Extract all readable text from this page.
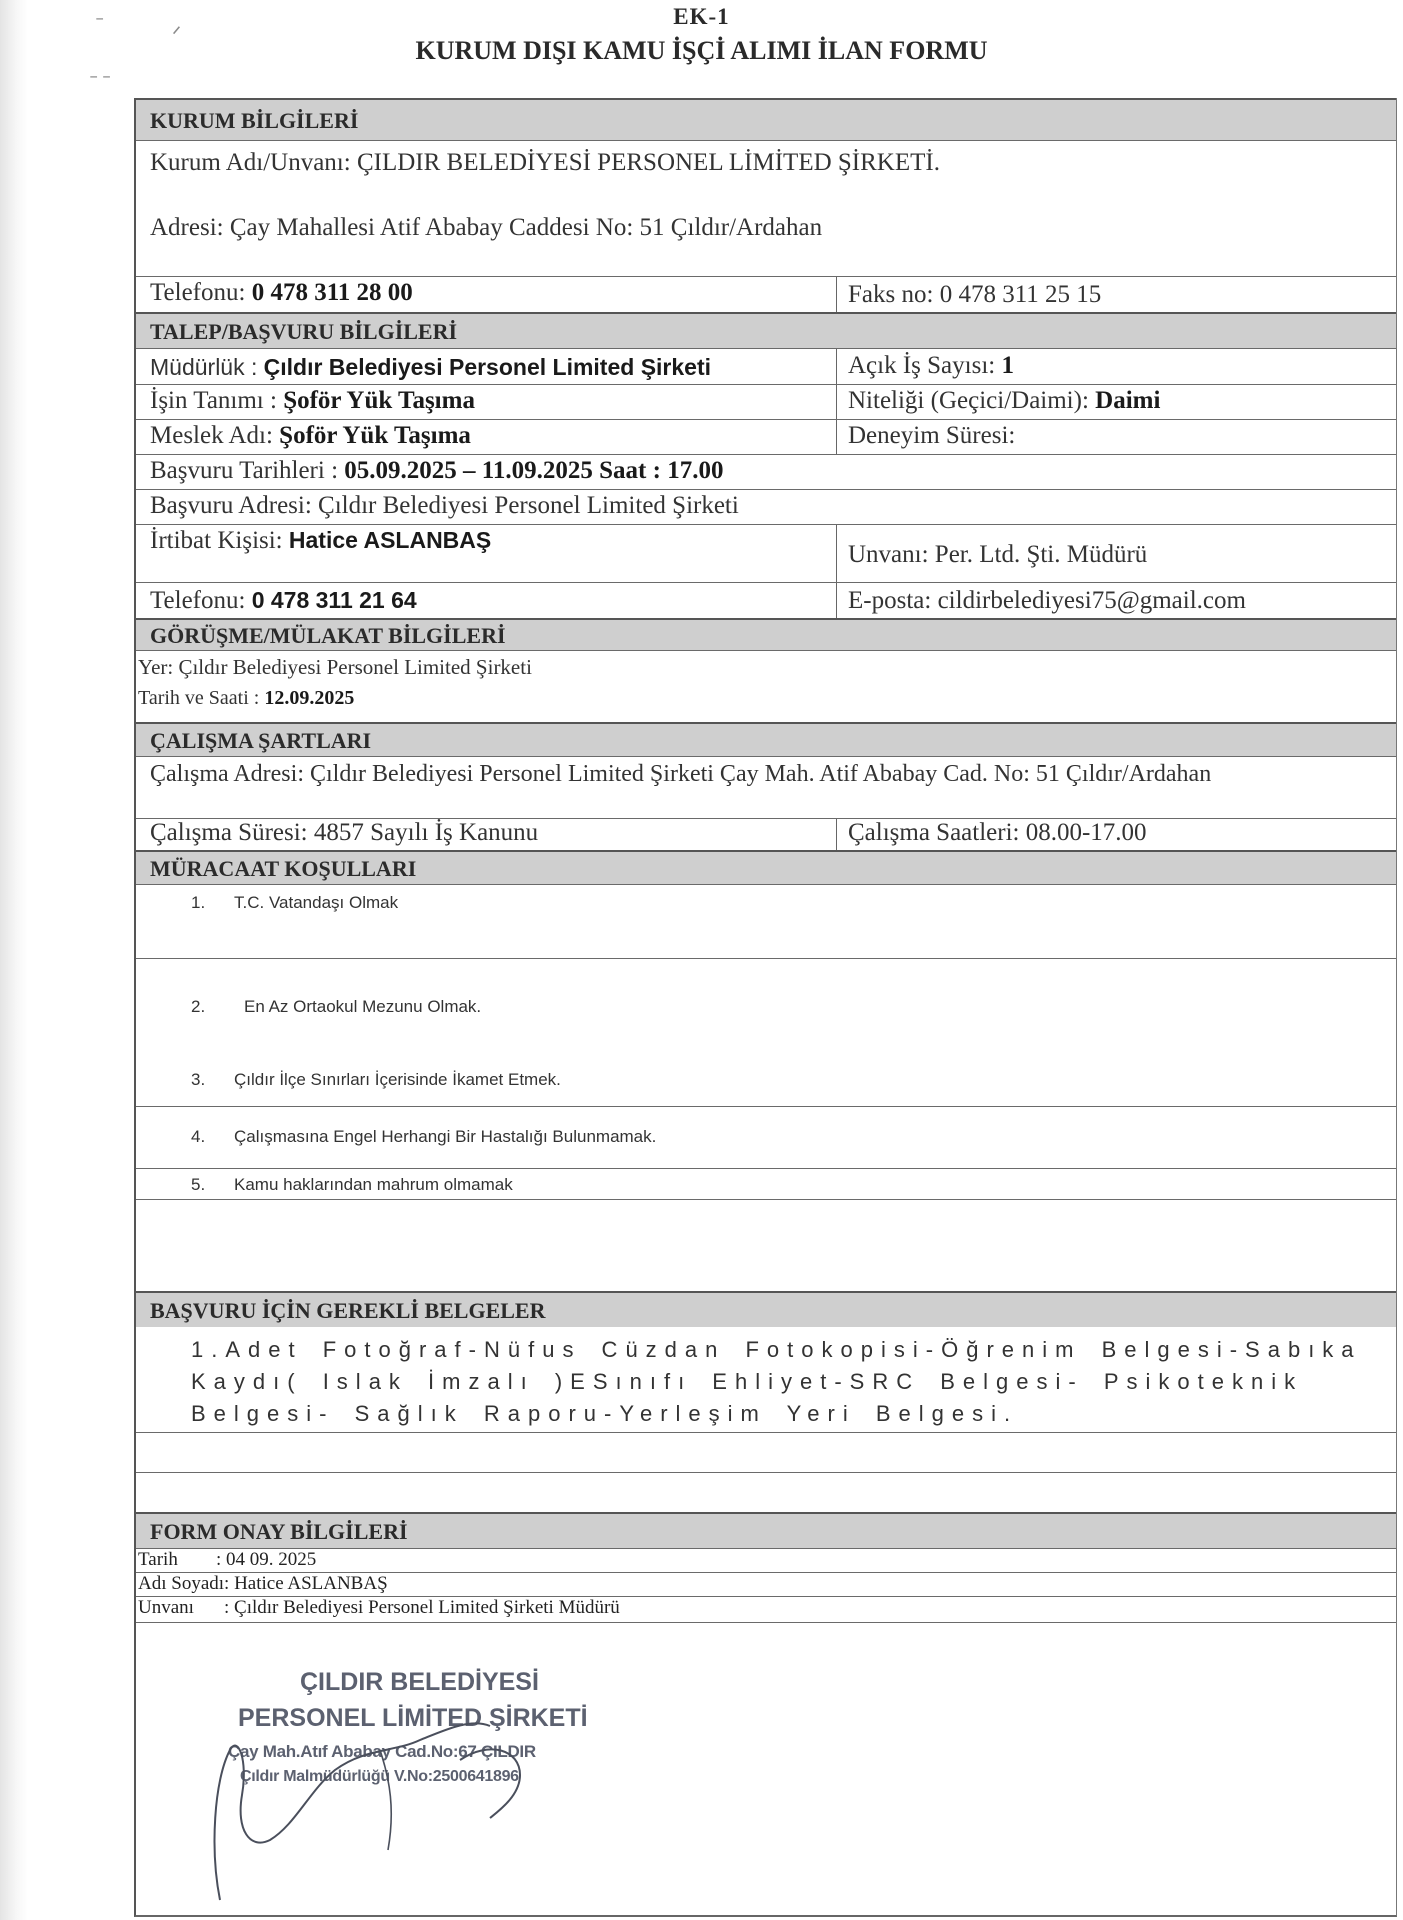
ˉ	ᐟ
ˉ ˉ
EK-1
KURUM DIŞI KAMU İŞÇİ ALIMI İLAN FORMU
KURUM BİLGİLERİ
Kurum Adı/Unvanı: ÇILDIR BELEDİYESİ PERSONEL LİMİTED ŞİRKETİ.
Adresi: Çay Mahallesi Atif Ababay Caddesi No: 51 Çıldır/Ardahan
Telefonu: 0 478 311 28 00	Faks no: 0 478 311 25 15
TALEP/BAŞVURU BİLGİLERİ
Müdürlük : Çıldır Belediyesi Personel Limited Şirketi	Açık İş Sayısı: 1
İşin Tanımı : Şoför Yük Taşıma	Niteliği (Geçici/Daimi): Daimi
Meslek Adı: Şoför Yük Taşıma	Deneyim Süresi:
Başvuru Tarihleri : 05.09.2025 – 11.09.2025 Saat : 17.00
Başvuru Adresi: Çıldır Belediyesi Personel Limited Şirketi
İrtibat Kişisi: Hatice ASLANBAŞ
Unvanı: Per. Ltd. Şti. Müdürü
Telefonu: 0 478 311 21 64	E-posta: cildirbelediyesi75@gmail.com
GÖRÜŞME/MÜLAKAT BİLGİLERİ
Yer: Çıldır Belediyesi Personel Limited Şirketi
Tarih ve Saati : 12.09.2025
ÇALIŞMA ŞARTLARI
Çalışma Adresi: Çıldır Belediyesi Personel Limited Şirketi Çay Mah. Atif Ababay Cad. No: 51 Çıldır/Ardahan
Çalışma Süresi: 4857 Sayılı İş Kanunu	Çalışma Saatleri: 08.00-17.00
MÜRACAAT KOŞULLARI
1. T.C. Vatandaşı Olmak
2. En Az Ortaokul Mezunu Olmak.
3. Çıldır İlçe Sınırları İçerisinde İkamet Etmek.
4. Çalışmasına Engel Herhangi Bir Hastalığı Bulunmamak.
5. Kamu haklarından mahrum olmamak
BAŞVURU İÇİN GEREKLİ BELGELER
1.Adet Fotoğraf-Nüfus Cüzdan Fotokopisi-Öğrenim Belgesi-Sabıka Kaydı( Islak İmzalı )ESınıfı Ehliyet-SRC Belgesi- Psikoteknik Belgesi- Sağlık Raporu-Yerleşim Yeri Belgesi.
FORM ONAY BİLGİLERİ
Tarih : 04 09. 2025
Adı Soyadı: Hatice ASLANBAŞ
Unvanı : Çıldır Belediyesi Personel Limited Şirketi Müdürü
ÇILDIR BELEDİYESİ
PERSONEL LİMİTED ŞİRKETİ
Çay Mah.Atıf Ababay Cad.No:67 ÇILDIR
Çıldır Malmüdürlüğü V.No:2500641896
